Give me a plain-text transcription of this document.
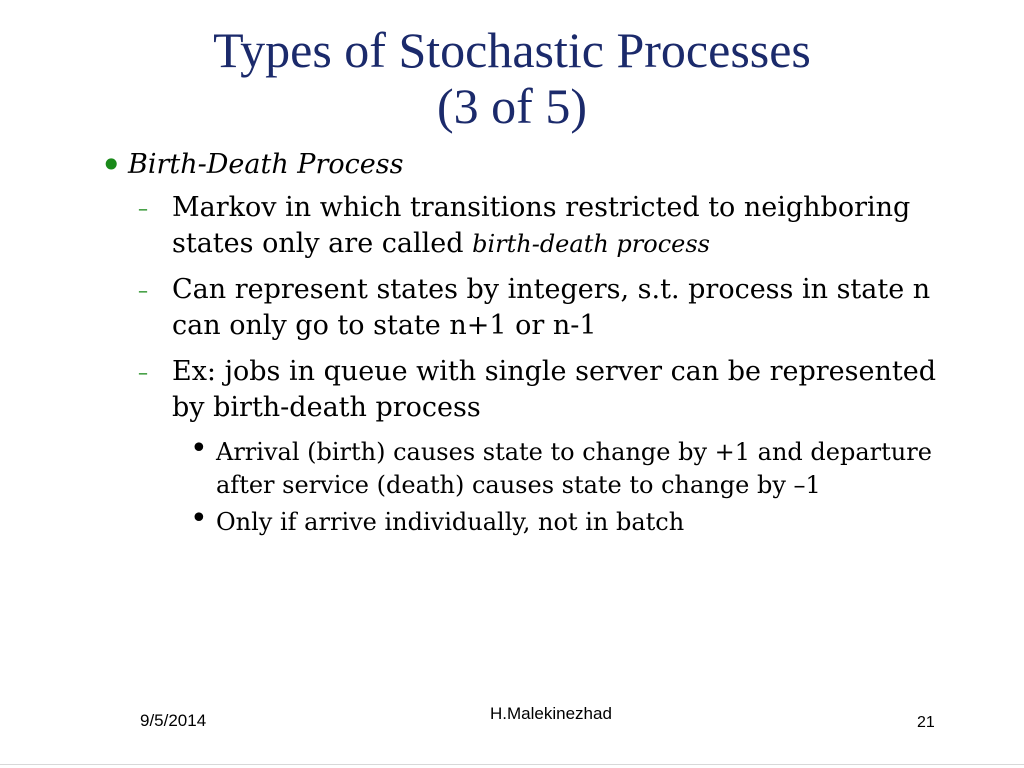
Types of Stochastic Processes
(3 of 5)
• Birth-Death Process
– Markov in which transitions restricted to neighboring states only are called birth-death process
– Can represent states by integers, s.t. process in state n can only go to state n+1 or n-1
– Ex: jobs in queue with single server can be represented by birth-death process
• Arrival (birth) causes state to change by +1 and departure after service (death) causes state to change by –1
• Only if arrive individually, not in batch
9/5/2014	H.Malekinezhad	21
